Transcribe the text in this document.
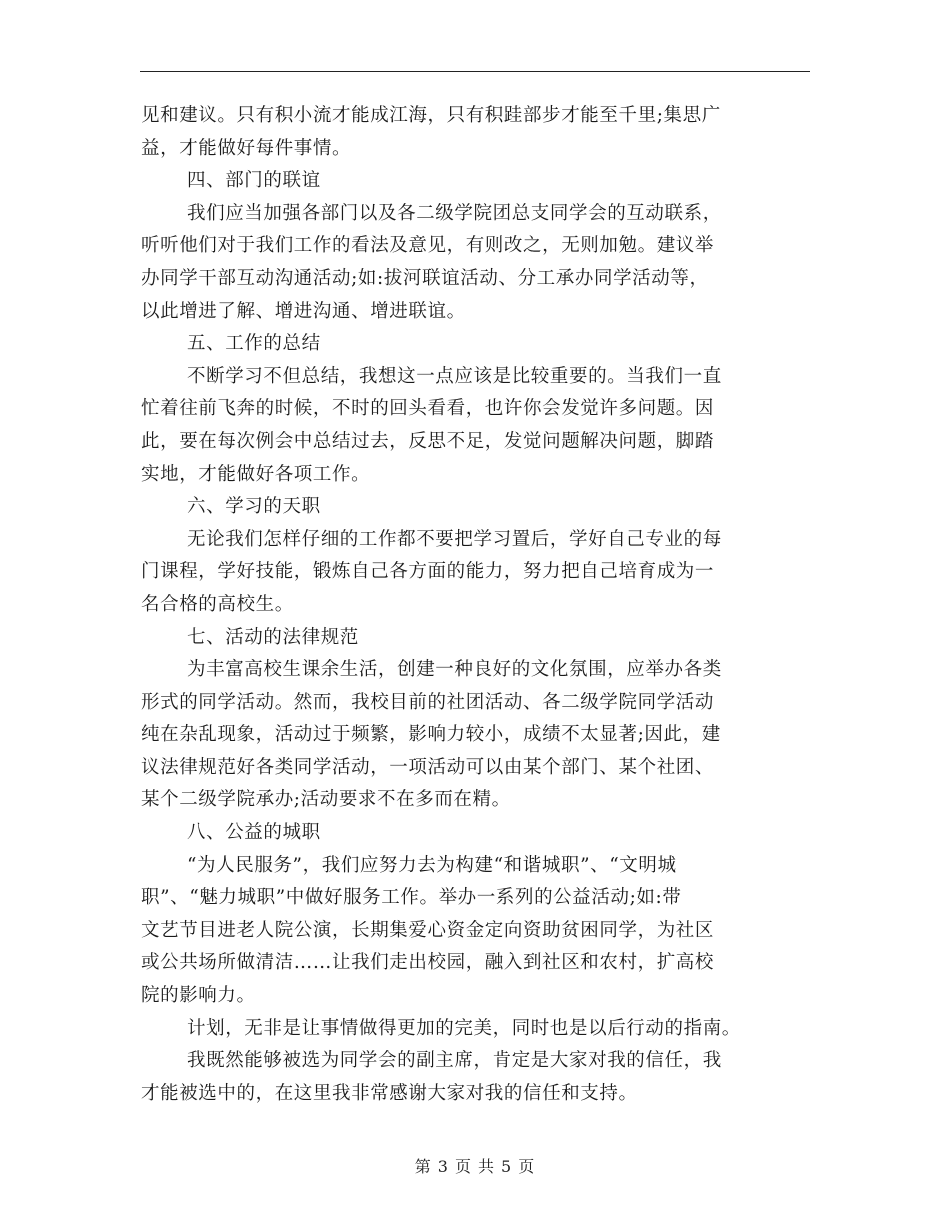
见和建议。只有积小流才能成江海，只有积跬部步才能至千里;集思广
益，才能做好每件事情。
四、部门的联谊
我们应当加强各部门以及各二级学院团总支同学会的互动联系，
听听他们对于我们工作的看法及意见，有则改之，无则加勉。建议举
办同学干部互动沟通活动;如:拔河联谊活动、分工承办同学活动等，
以此增进了解、增进沟通、增进联谊。
五、工作的总结
不断学习不但总结，我想这一点应该是比较重要的。当我们一直
忙着往前飞奔的时候，不时的回头看看，也许你会发觉许多问题。因
此，要在每次例会中总结过去，反思不足，发觉问题解决问题，脚踏
实地，才能做好各项工作。
六、学习的天职
无论我们怎样仔细的工作都不要把学习置后，学好自己专业的每
门课程，学好技能，锻炼自己各方面的能力，努力把自己培育成为一
名合格的高校生。
七、活动的法律规范
为丰富高校生课余生活，创建一种良好的文化氛围，应举办各类
形式的同学活动。然而，我校目前的社团活动、各二级学院同学活动
纯在杂乱现象，活动过于频繁，影响力较小，成绩不太显著;因此，建
议法律规范好各类同学活动，一项活动可以由某个部门、某个社团、
某个二级学院承办;活动要求不在多而在精。
八、公益的城职
“为人民服务”，我们应努力去为构建“和谐城职”、“文明城
职”、“魅力城职”中做好服务工作。举办一系列的公益活动;如:带
文艺节目进老人院公演，长期集爱心资金定向资助贫困同学，为社区
或公共场所做清洁……让我们走出校园，融入到社区和农村，扩高校
院的影响力。
计划，无非是让事情做得更加的完美，同时也是以后行动的指南。
我既然能够被选为同学会的副主席，肯定是大家对我的信任，我
才能被选中的，在这里我非常感谢大家对我的信任和支持。
第 3 页 共 5 页
